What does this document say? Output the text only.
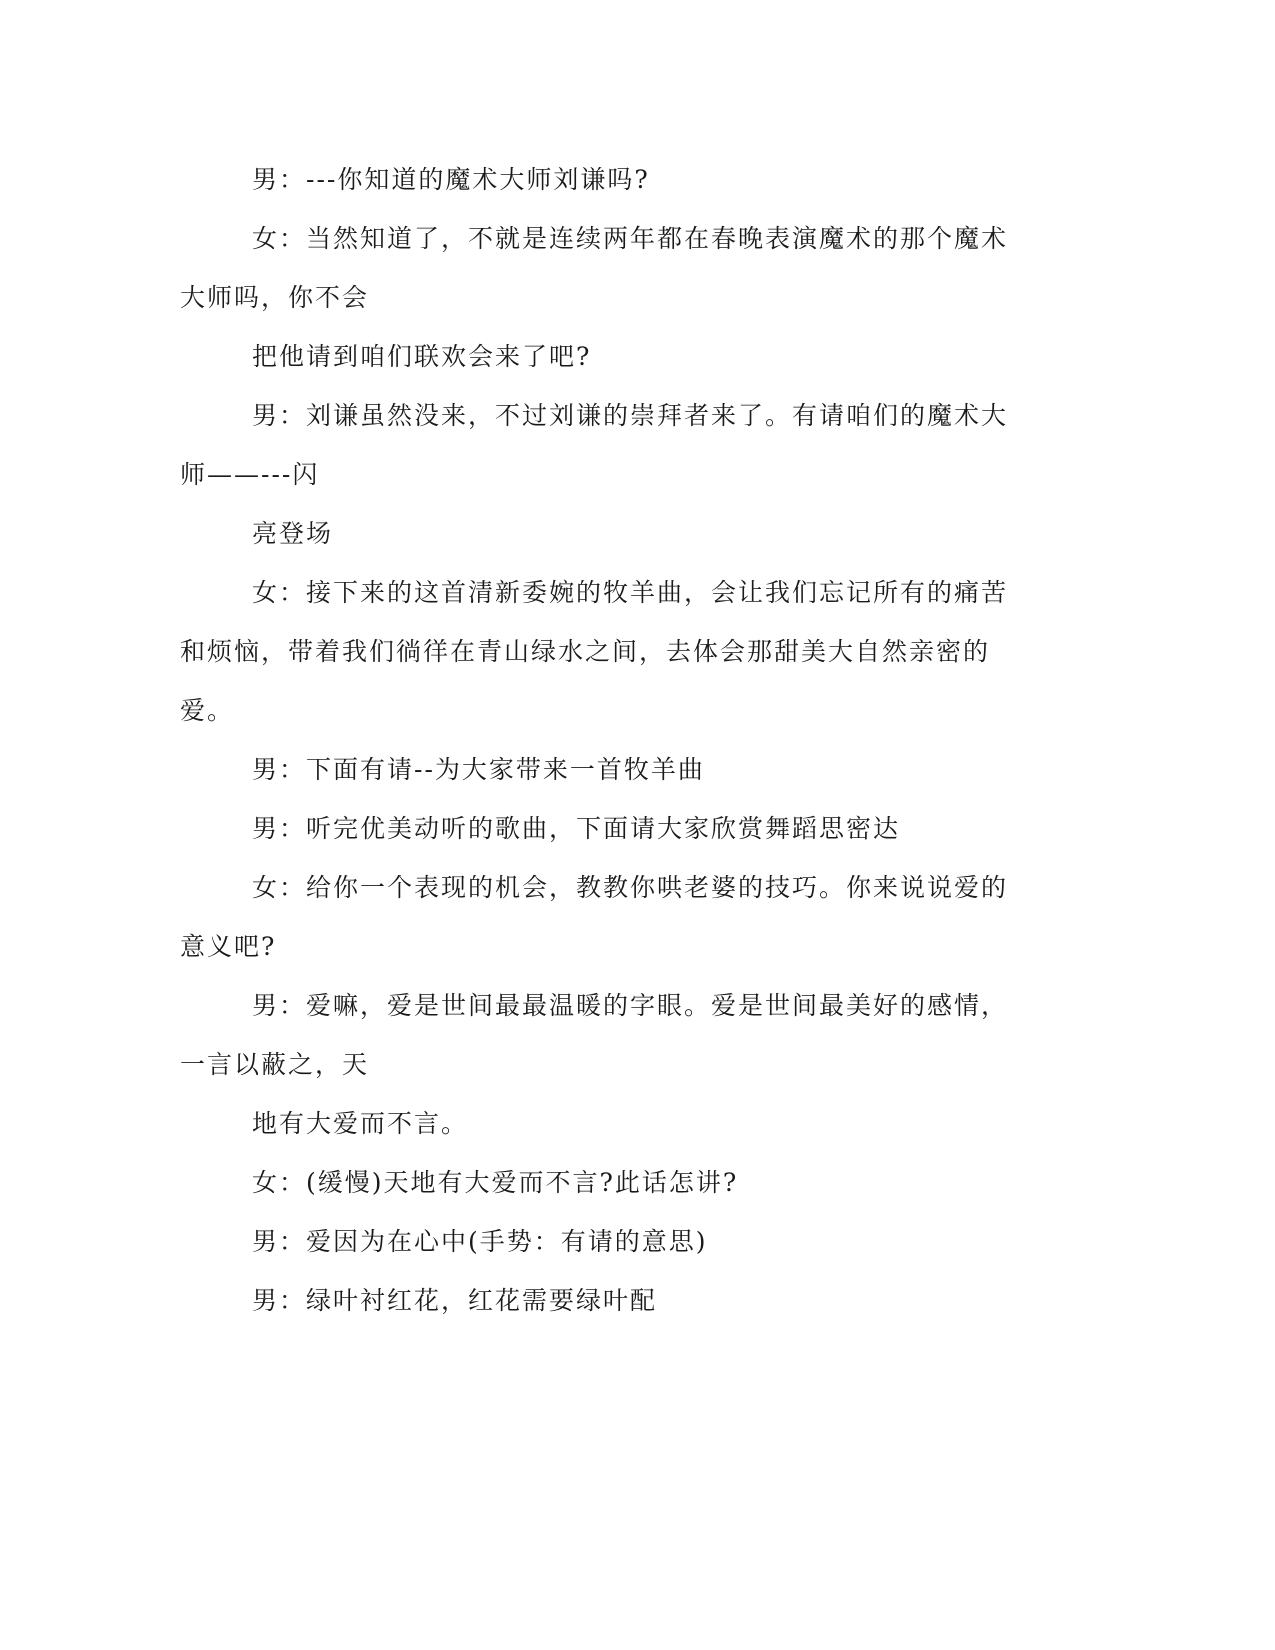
男：---你知道的魔术大师刘谦吗?
女：当然知道了，不就是连续两年都在春晚表演魔术的那个魔术
大师吗，你不会
把他请到咱们联欢会来了吧?
男：刘谦虽然没来，不过刘谦的崇拜者来了。有请咱们的魔术大
师——---闪
亮登场
女：接下来的这首清新委婉的牧羊曲，会让我们忘记所有的痛苦
和烦恼，带着我们徜徉在青山绿水之间，去体会那甜美大自然亲密的
爱。
男：下面有请--为大家带来一首牧羊曲
男：听完优美动听的歌曲，下面请大家欣赏舞蹈思密达
女：给你一个表现的机会，教教你哄老婆的技巧。你来说说爱的
意义吧?
男：爱嘛，爱是世间最最温暖的字眼。爱是世间最美好的感情，
一言以蔽之，天
地有大爱而不言。
女：(缓慢)天地有大爱而不言?此话怎讲?
男：爱因为在心中(手势：有请的意思)
男：绿叶衬红花，红花需要绿叶配
